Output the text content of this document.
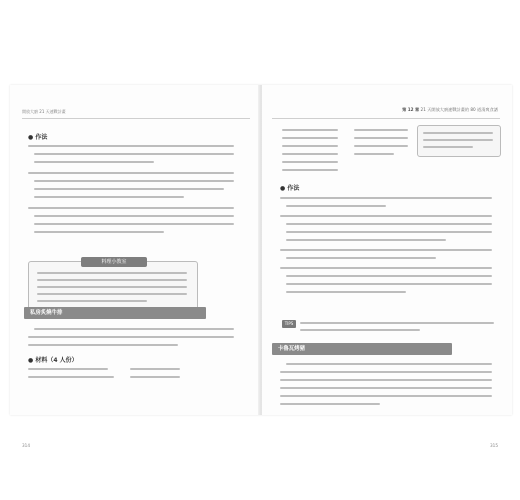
開放大廚 21 天速戰計畫
● 作法
料理小教室
私房炙燒牛排
● 材料（4 人份）
314
第 12 章 21 天開放大廚速戰計畫的 80 道清爽食譜
● 作法
TIPS
卡魯瓦烤豬
315
